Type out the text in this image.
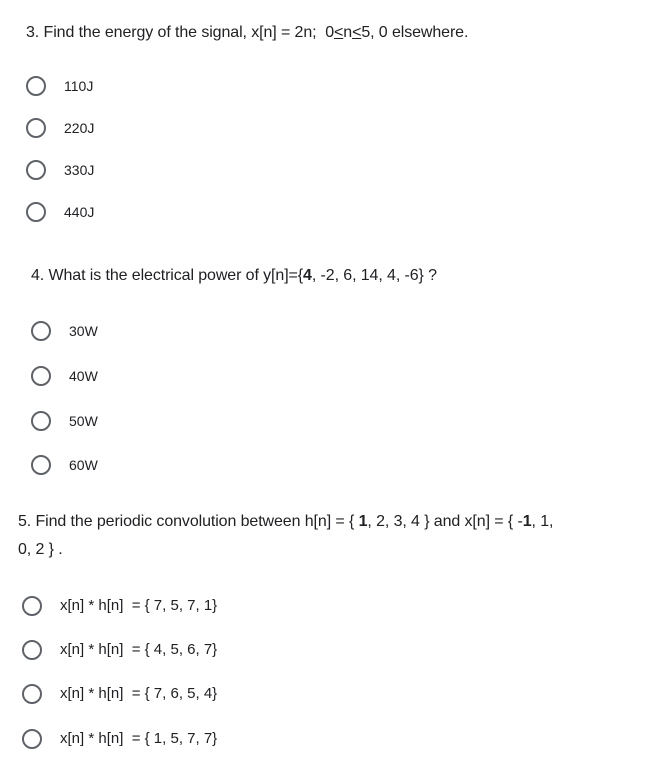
3. Find the energy of the signal, x[n] = 2n; 0<n<5, 0 elsewhere.
110J
220J
330J
440J
4. What is the electrical power of y[n]={4, -2, 6, 14, 4, -6} ?
30W
40W
50W
60W
5. Find the periodic convolution between h[n] = { 1, 2, 3, 4 } and x[n] = { -1, 1,
0, 2 } .
x[n] * h[n]  = { 7, 5, 7, 1}
x[n] * h[n]  = { 4, 5, 6, 7}
x[n] * h[n]  = { 7, 6, 5, 4}
x[n] * h[n]  = { 1, 5, 7, 7}
